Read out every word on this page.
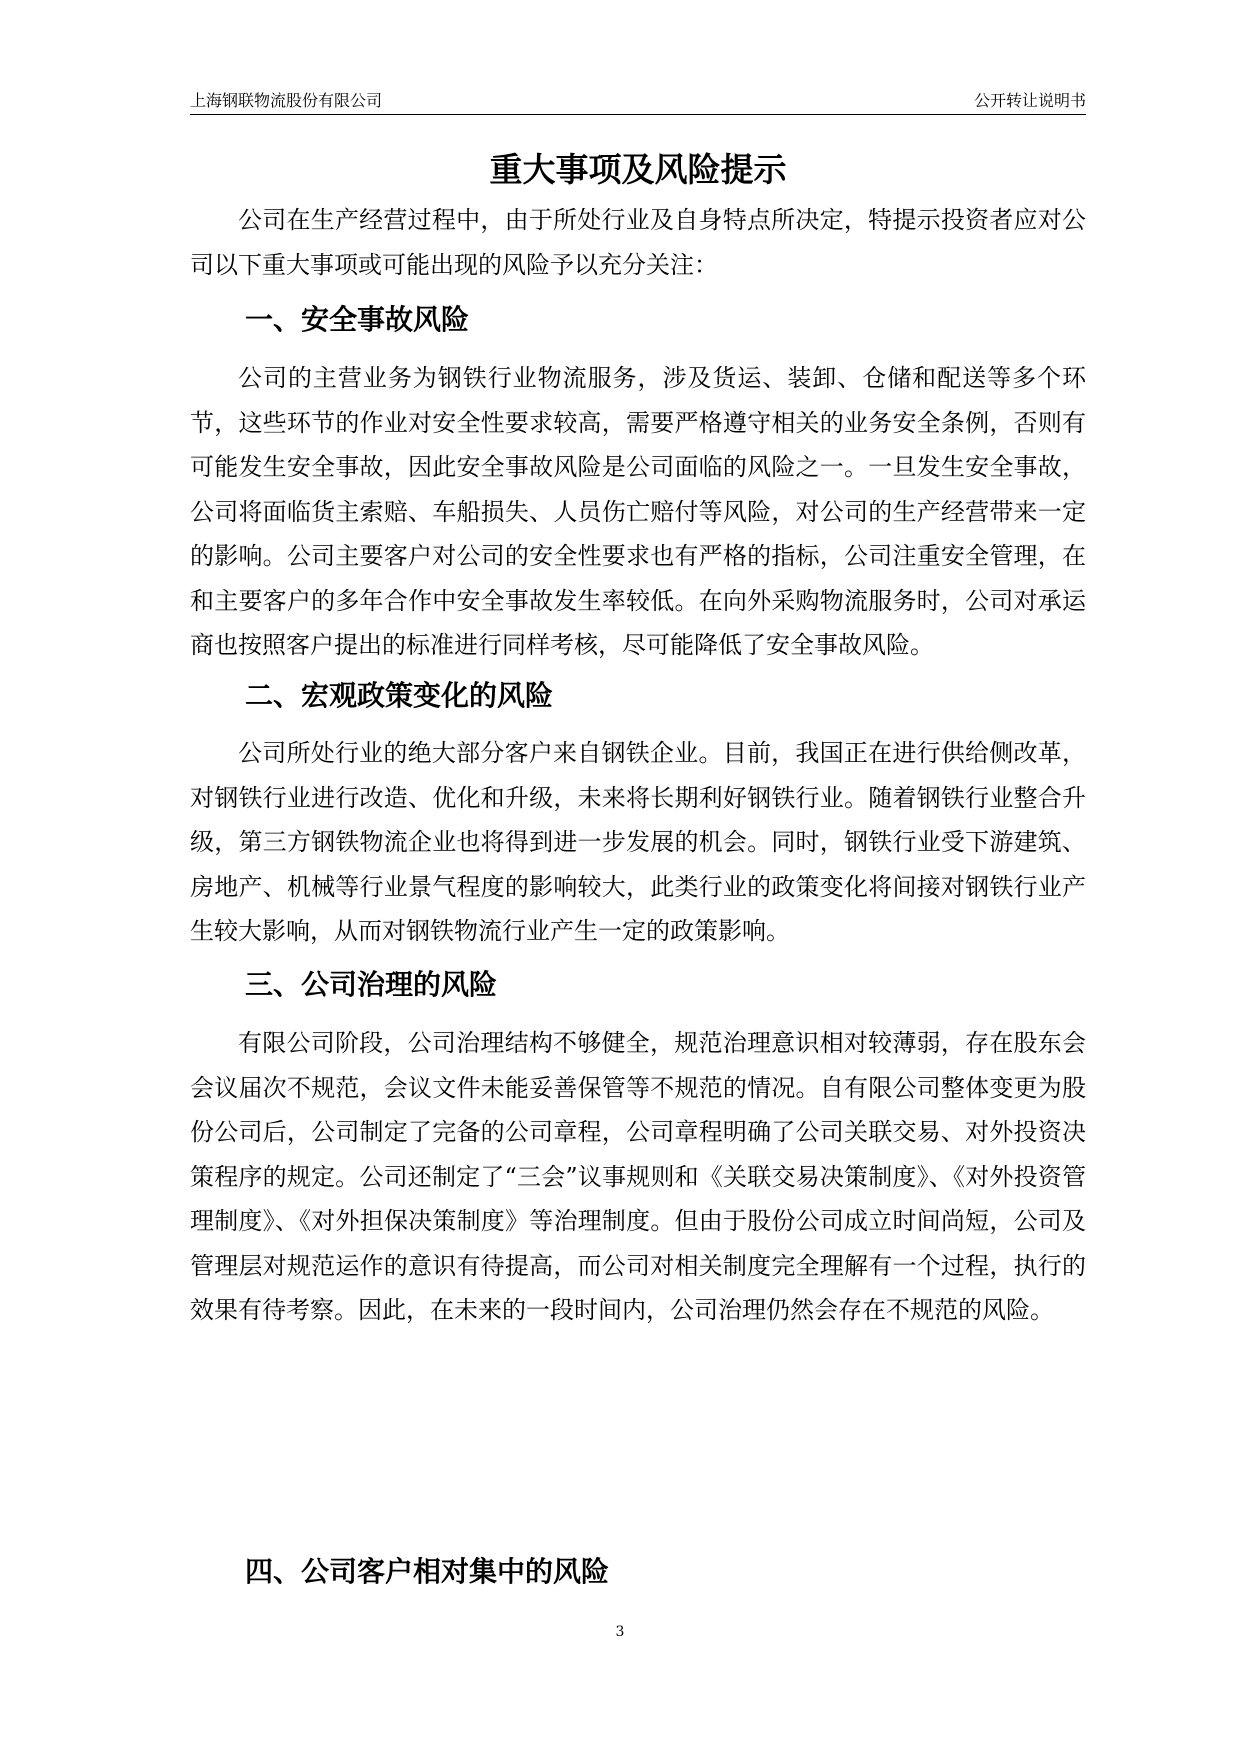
上海钢联物流股份有限公司	公开转让说明书
重大事项及风险提示

公司在生产经营过程中，由于所处行业及自身特点所决定，特提示投资者应对公司以下重大事项或可能出现的风险予以充分关注：

一、安全事故风险

公司的主营业务为钢铁行业物流服务，涉及货运、装卸、仓储和配送等多个环节，这些环节的作业对安全性要求较高，需要严格遵守相关的业务安全条例，否则有可能发生安全事故，因此安全事故风险是公司面临的风险之一。一旦发生安全事故，公司将面临货主索赔、车船损失、人员伤亡赔付等风险，对公司的生产经营带来一定的影响。公司主要客户对公司的安全性要求也有严格的指标，公司注重安全管理，在和主要客户的多年合作中安全事故发生率较低。在向外采购物流服务时，公司对承运商也按照客户提出的标准进行同样考核，尽可能降低了安全事故风险。

二、宏观政策变化的风险

公司所处行业的绝大部分客户来自钢铁企业。目前，我国正在进行供给侧改革，对钢铁行业进行改造、优化和升级，未来将长期利好钢铁行业。随着钢铁行业整合升级，第三方钢铁物流企业也将得到进一步发展的机会。同时，钢铁行业受下游建筑、房地产、机械等行业景气程度的影响较大，此类行业的政策变化将间接对钢铁行业产生较大影响，从而对钢铁物流行业产生一定的政策影响。

三、公司治理的风险

有限公司阶段，公司治理结构不够健全，规范治理意识相对较薄弱，存在股东会会议届次不规范，会议文件未能妥善保管等不规范的情况。自有限公司整体变更为股份公司后，公司制定了完备的公司章程，公司章程明确了公司关联交易、对外投资决策程序的规定。公司还制定了“三会”议事规则和《关联交易决策制度》、《对外投资管理制度》、《对外担保决策制度》等治理制度。但由于股份公司成立时间尚短，公司及管理层对规范运作的意识有待提高，而公司对相关制度完全理解有一个过程，执行的效果有待考察。因此，在未来的一段时间内，公司治理仍然会存在不规范的风险。

四、公司客户相对集中的风险
3
